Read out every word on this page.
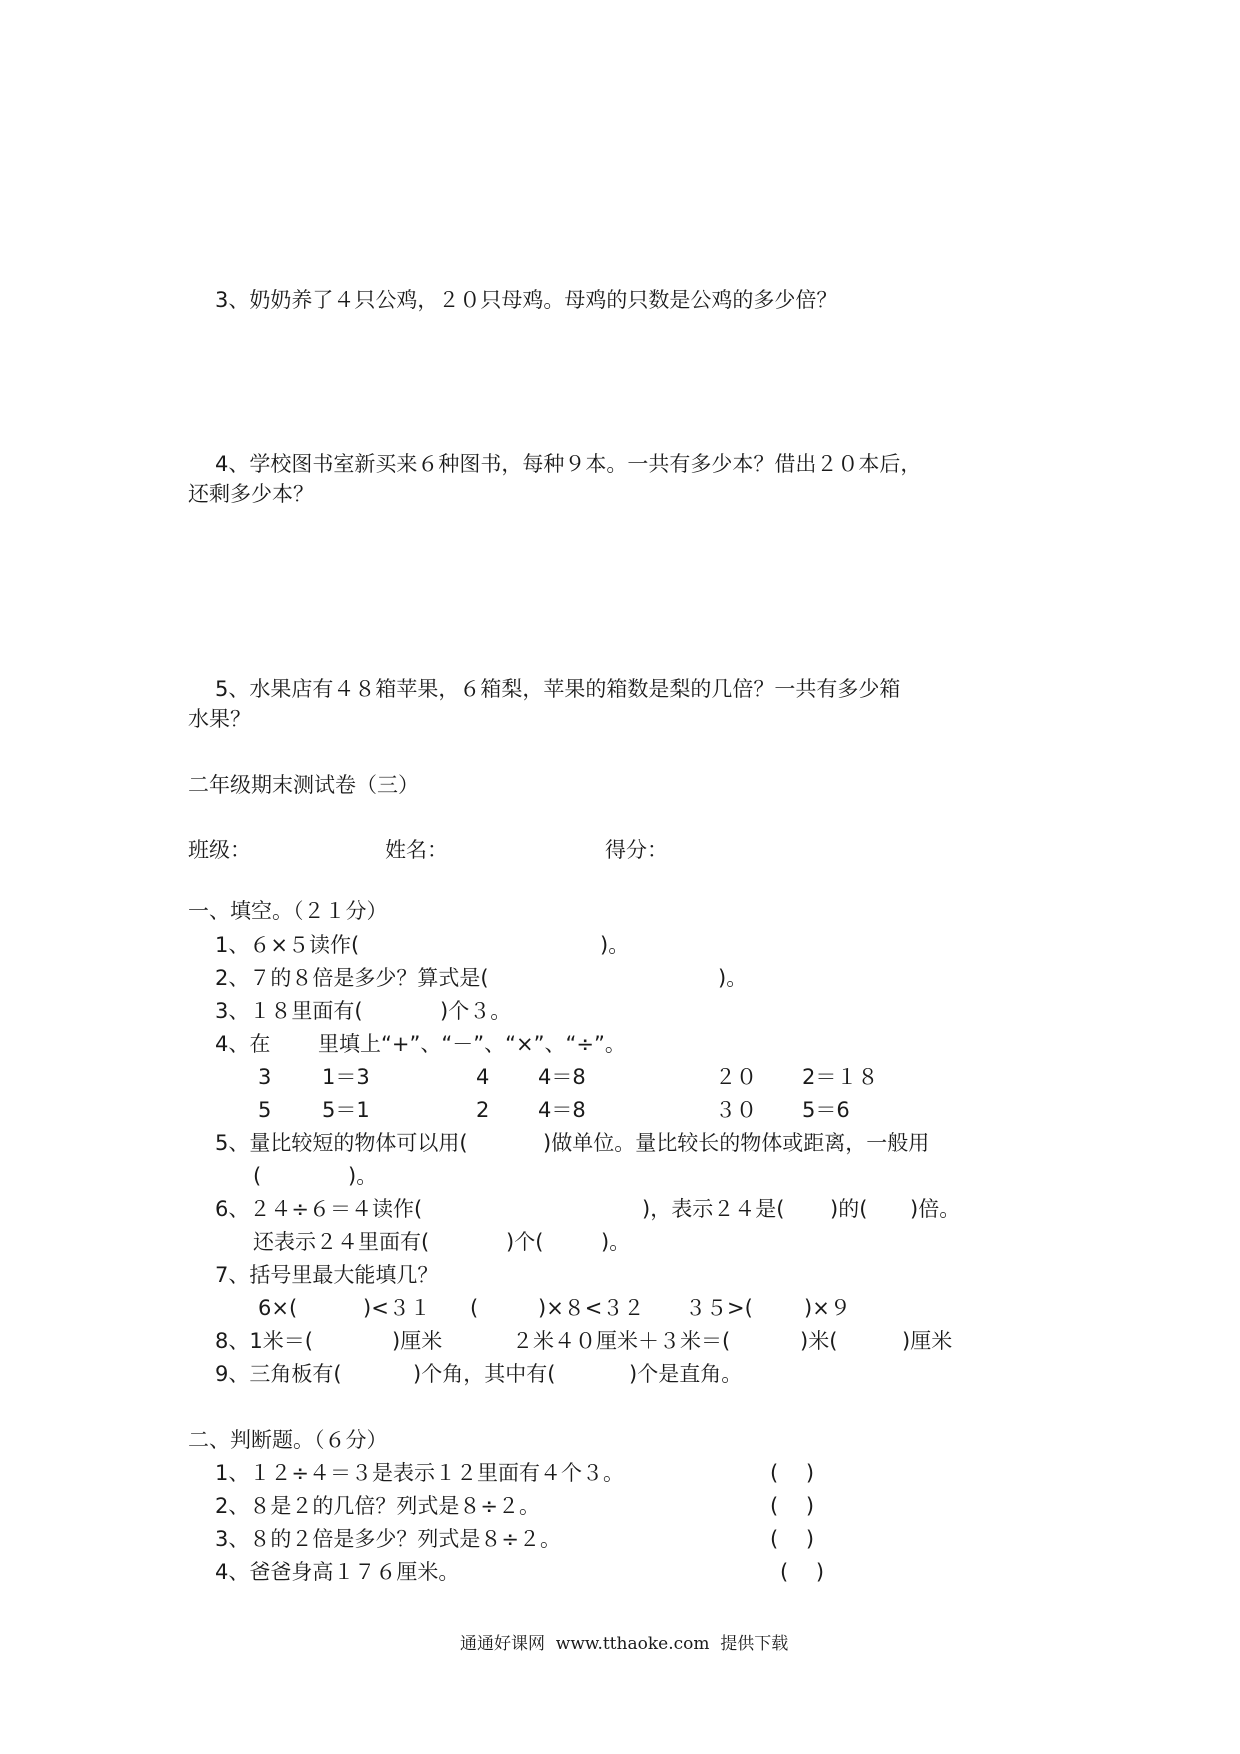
3、奶奶养了４只公鸡，２０只母鸡。母鸡的只数是公鸡的多少倍？
4、学校图书室新买来６种图书，每种９本。一共有多少本？借出２０本后，
还剩多少本？
5、水果店有４８箱苹果，６箱梨，苹果的箱数是梨的几倍？一共有多少箱
水果？
二年级期末测试卷（三）
班级：	姓名：	得分：
一、填空。（２１分）
1、６×５读作(	)。
2、７的８倍是多少？算式是(	)。
3、１８里面有(	)个３。
4、在 里填上“+”、“－”、“×”、“÷”。
3 1＝3	4 4＝8	２０ 2＝１８
5 5＝1	2 4＝8	３０ 5＝6
5、量比较短的物体可以用(	)做单位。量比较长的物体或距离，一般用
(	)。
6、２４÷６＝４读作(	)，表示２４是( )的( )倍。
还表示２４里面有(	)个(	)。
7、括号里最大能填几？
6×(	)<３１ (	)×８<３２ ３５>( )×９
8、1米＝(	)厘米	２米４０厘米＋３米＝(	)米(	)厘米
9、三角板有(	)个角，其中有(	)个是直角。
二、判断题。（６分）
1、１２÷４＝３是表示１２里面有４个３。	(　 )
2、８是２的几倍？列式是８÷２。	(　 )
3、８的２倍是多少？列式是８÷２。	(　 )
4、爸爸身高１７６厘米。	(　 )
通通好课网  www.tthaoke.com  提供下载
